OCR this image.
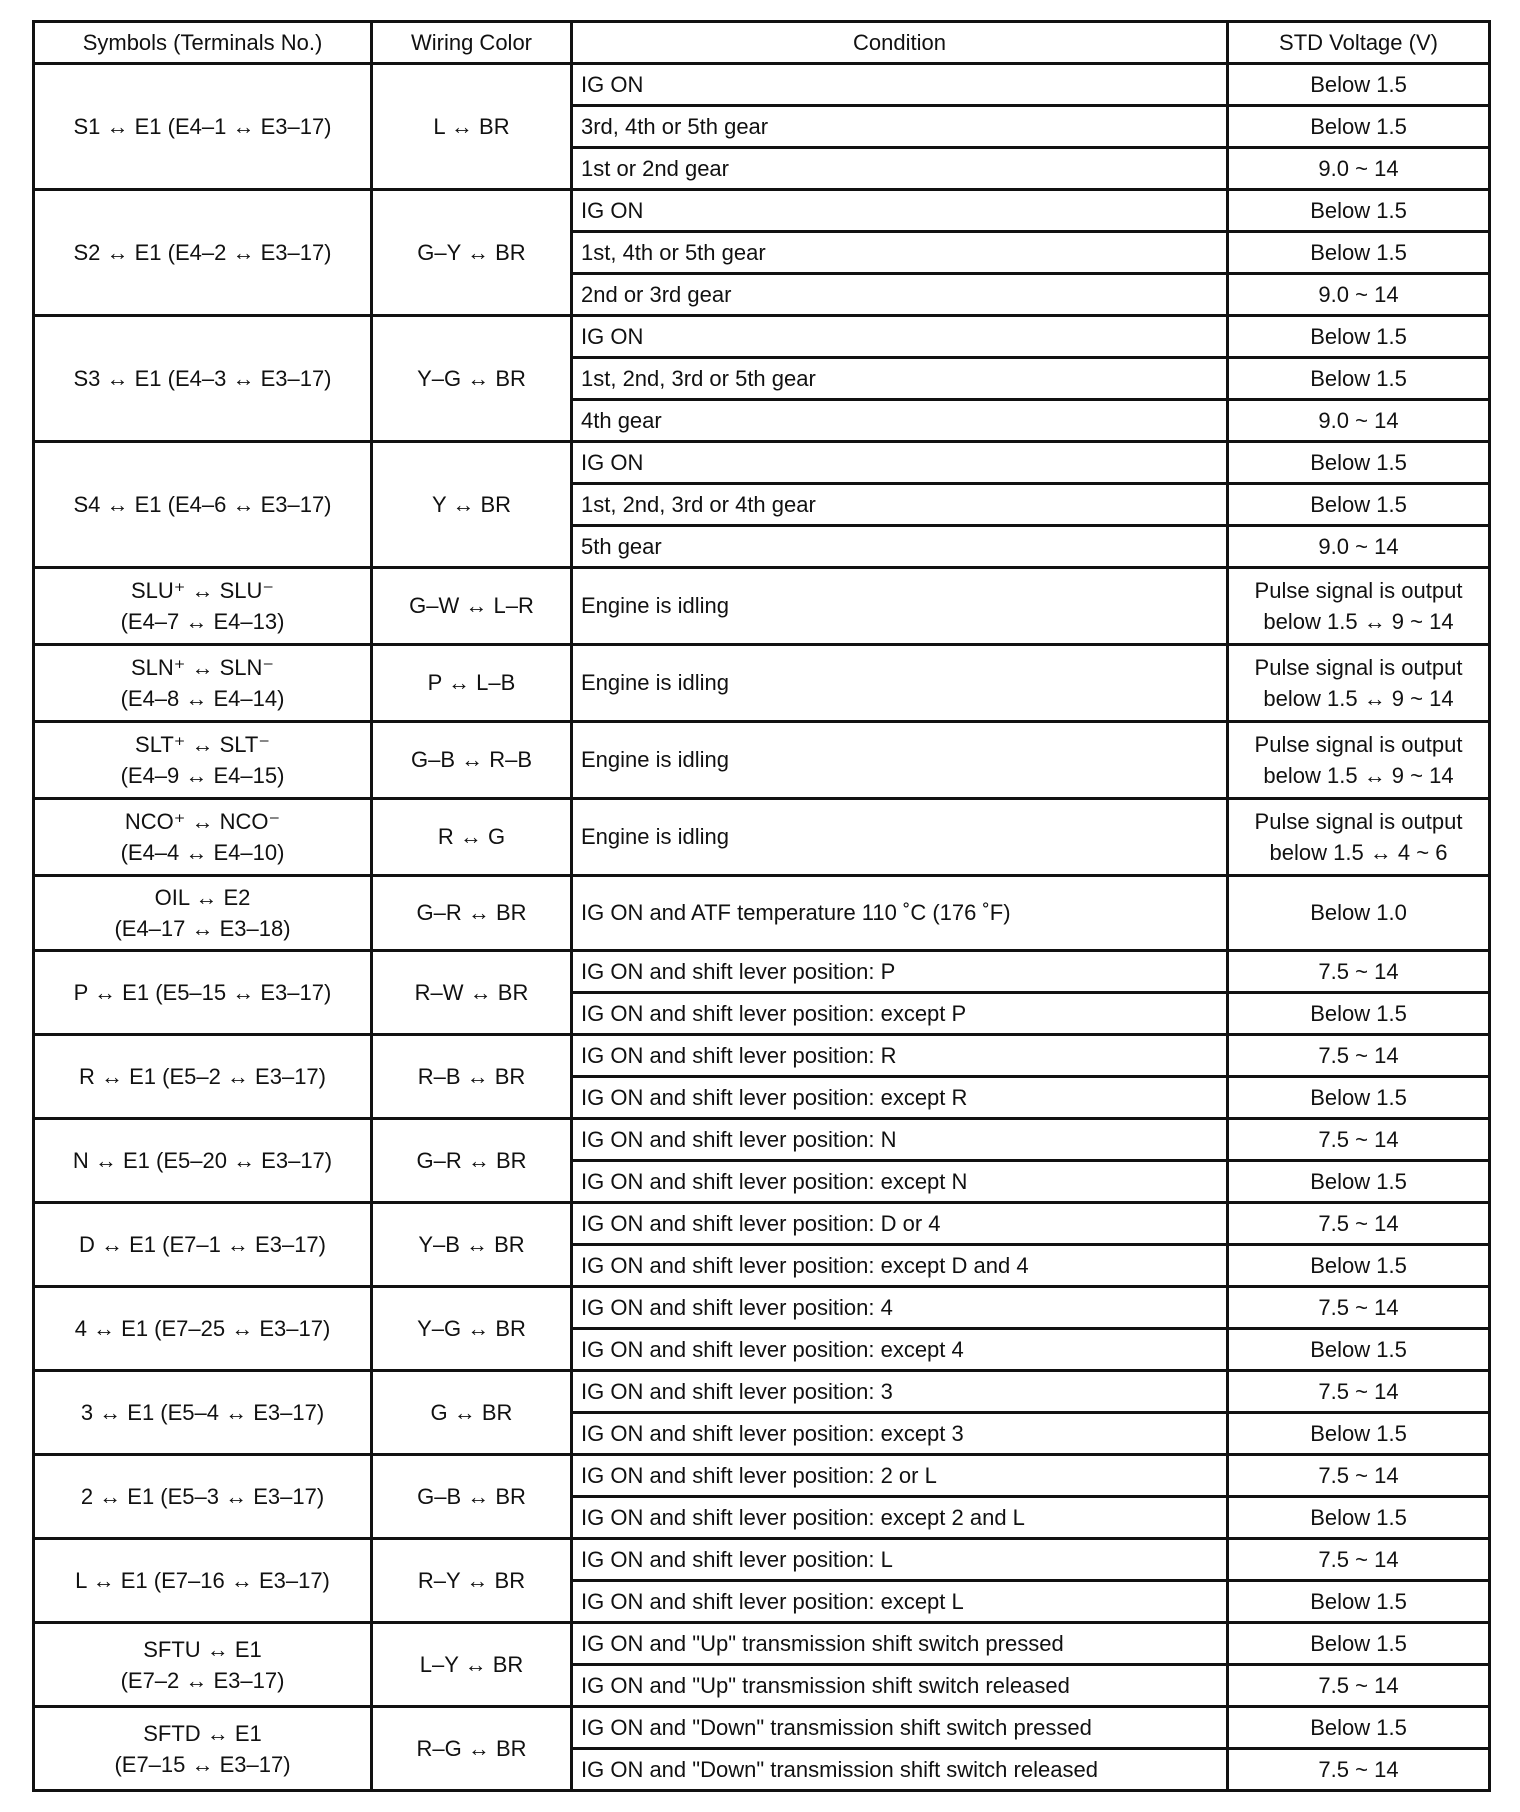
Symbols (Terminals No.)	Wiring Color	Condition	STD Voltage (V)

S1 ↔ E1 (E4–1 ↔ E3–17)	L ↔ BR	IG ON	Below 1.5

		3rd, 4th or 5th gear	Below 1.5

		1st or 2nd gear	9.0 ~ 14

S2 ↔ E1 (E4–2 ↔ E3–17)	G–Y ↔ BR	IG ON	Below 1.5

		1st, 4th or 5th gear	Below 1.5

		2nd or 3rd gear	9.0 ~ 14

S3 ↔ E1 (E4–3 ↔ E3–17)	Y–G ↔ BR	IG ON	Below 1.5

		1st, 2nd, 3rd or 5th gear	Below 1.5

		4th gear	9.0 ~ 14

S4 ↔ E1 (E4–6 ↔ E3–17)	Y ↔ BR	IG ON	Below 1.5

		1st, 2nd, 3rd or 4th gear	Below 1.5

		5th gear	9.0 ~ 14

SLU⁺ ↔ SLU⁻
(E4–7 ↔ E4–13)	G–W ↔ L–R	Engine is idling	Pulse signal is output
below 1.5 ↔ 9 ~ 14

SLN⁺ ↔ SLN⁻
(E4–8 ↔ E4–14)	P ↔ L–B	Engine is idling	Pulse signal is output
below 1.5 ↔ 9 ~ 14

SLT⁺ ↔ SLT⁻
(E4–9 ↔ E4–15)	G–B ↔ R–B	Engine is idling	Pulse signal is output
below 1.5 ↔ 9 ~ 14

NCO⁺ ↔ NCO⁻
(E4–4 ↔ E4–10)	R ↔ G	Engine is idling	Pulse signal is output
below 1.5 ↔ 4 ~ 6

OIL ↔ E2
(E4–17 ↔ E3–18)	G–R ↔ BR	IG ON and ATF temperature 110 ˚C (176 ˚F)	Below 1.0

P ↔ E1 (E5–15 ↔ E3–17)	R–W ↔ BR	IG ON and shift lever position: P	7.5 ~ 14

		IG ON and shift lever position: except P	Below 1.5

R ↔ E1 (E5–2 ↔ E3–17)	R–B ↔ BR	IG ON and shift lever position: R	7.5 ~ 14

		IG ON and shift lever position: except R	Below 1.5

N ↔ E1 (E5–20 ↔ E3–17)	G–R ↔ BR	IG ON and shift lever position: N	7.5 ~ 14

		IG ON and shift lever position: except N	Below 1.5

D ↔ E1 (E7–1 ↔ E3–17)	Y–B ↔ BR	IG ON and shift lever position: D or 4	7.5 ~ 14

		IG ON and shift lever position: except D and 4	Below 1.5

4 ↔ E1 (E7–25 ↔ E3–17)	Y–G ↔ BR	IG ON and shift lever position: 4	7.5 ~ 14

		IG ON and shift lever position: except 4	Below 1.5

3 ↔ E1 (E5–4 ↔ E3–17)	G ↔ BR	IG ON and shift lever position: 3	7.5 ~ 14

		IG ON and shift lever position: except 3	Below 1.5

2 ↔ E1 (E5–3 ↔ E3–17)	G–B ↔ BR	IG ON and shift lever position: 2 or L	7.5 ~ 14

		IG ON and shift lever position: except 2 and L	Below 1.5

L ↔ E1 (E7–16 ↔ E3–17)	R–Y ↔ BR	IG ON and shift lever position: L	7.5 ~ 14

		IG ON and shift lever position: except L	Below 1.5

SFTU ↔ E1
(E7–2 ↔ E3–17)	L–Y ↔ BR	IG ON and "Up" transmission shift switch pressed	Below 1.5

		IG ON and "Up" transmission shift switch released	7.5 ~ 14

SFTD ↔ E1
(E7–15 ↔ E3–17)	R–G ↔ BR	IG ON and "Down" transmission shift switch pressed	Below 1.5

		IG ON and "Down" transmission shift switch released	7.5 ~ 14
